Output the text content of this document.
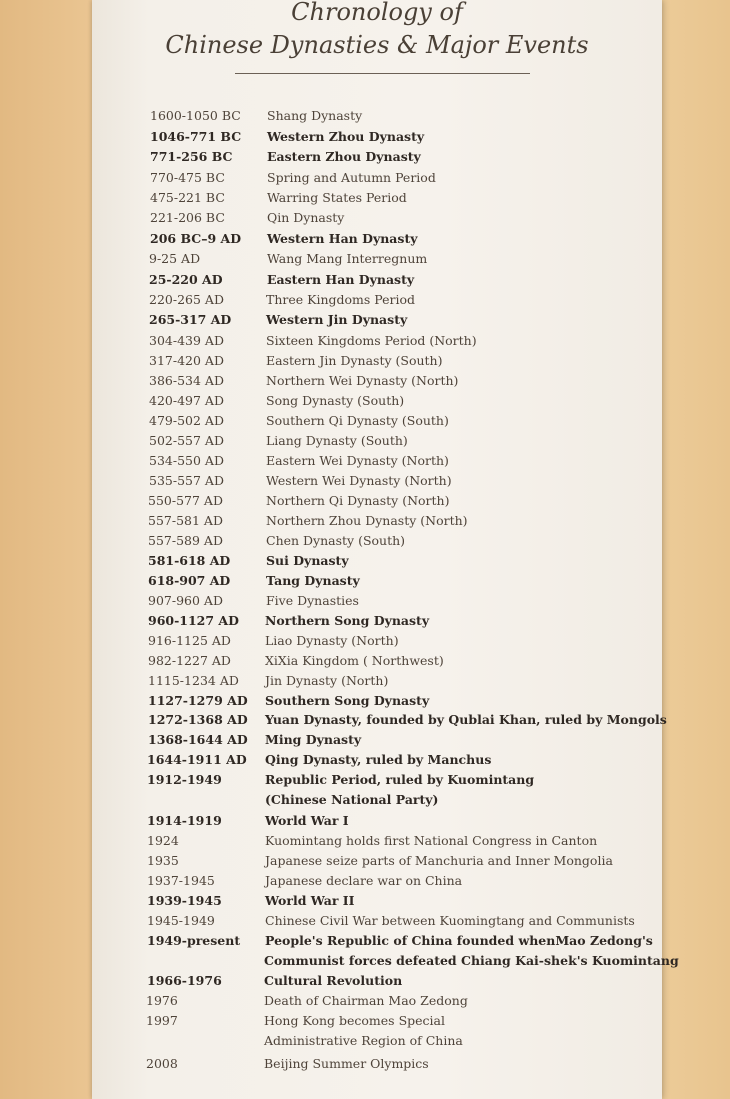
Chronology of
Chinese Dynasties & Major Events
1600-1050 BC Shang Dynasty
1046-771 BC Western Zhou Dynasty
771-256 BC	Eastern Zhou Dynasty
770-475 BC	Spring and Autumn Period
475-221 BC	Warring States Period
221-206 BC	Qin Dynasty
206 BC–9 AD Western Han Dynasty
9-25 AD	Wang Mang Interregnum
25-220 AD	Eastern Han Dynasty
220-265 AD	Three Kingdoms Period
265-317 AD	Western Jin Dynasty
304-439 AD	Sixteen Kingdoms Period (North)
317-420 AD	Eastern Jin Dynasty (South)
386-534 AD	Northern Wei Dynasty (North)
420-497 AD	Song Dynasty (South)
479-502 AD	Southern Qi Dynasty (South)
502-557 AD	Liang Dynasty (South)
534-550 AD	Eastern Wei Dynasty (North)
535-557 AD	Western Wei Dynasty (North)
550-577 AD	Northern Qi Dynasty (North)
557-581 AD	Northern Zhou Dynasty (North)
557-589 AD	Chen Dynasty (South)
581-618 AD	Sui Dynasty
618-907 AD	Tang Dynasty
907-960 AD	Five Dynasties
960-1127 AD Northern Song Dynasty
916-1125 AD	Liao Dynasty (North)
982-1227 AD	XiXia Kingdom ( Northwest)
1115-1234 AD Jin Dynasty (North)
1127-1279 AD Southern Song Dynasty
1272-1368 AD Yuan Dynasty, founded by Qublai Khan, ruled by Mongols
1368-1644 AD Ming Dynasty
1644-1911 AD Qing Dynasty, ruled by Manchus
1912-1949	Republic Period, ruled by Kuomintang
(Chinese National Party)
1914-1919	World War I
1924	Kuomintang holds first National Congress in Canton
1935	Japanese seize parts of Manchuria and Inner Mongolia
1937-1945	Japanese declare war on China
1939-1945	World War II
1945-1949	Chinese Civil War between Kuomingtang and Communists
1949-present People's Republic of China founded whenMao Zedong's
Communist forces defeated Chiang Kai-shek's Kuomintang
1966-1976	Cultural Revolution
1976	Death of Chairman Mao Zedong
1997	Hong Kong becomes Special
Administrative Region of China
2008	Beijing Summer Olympics
